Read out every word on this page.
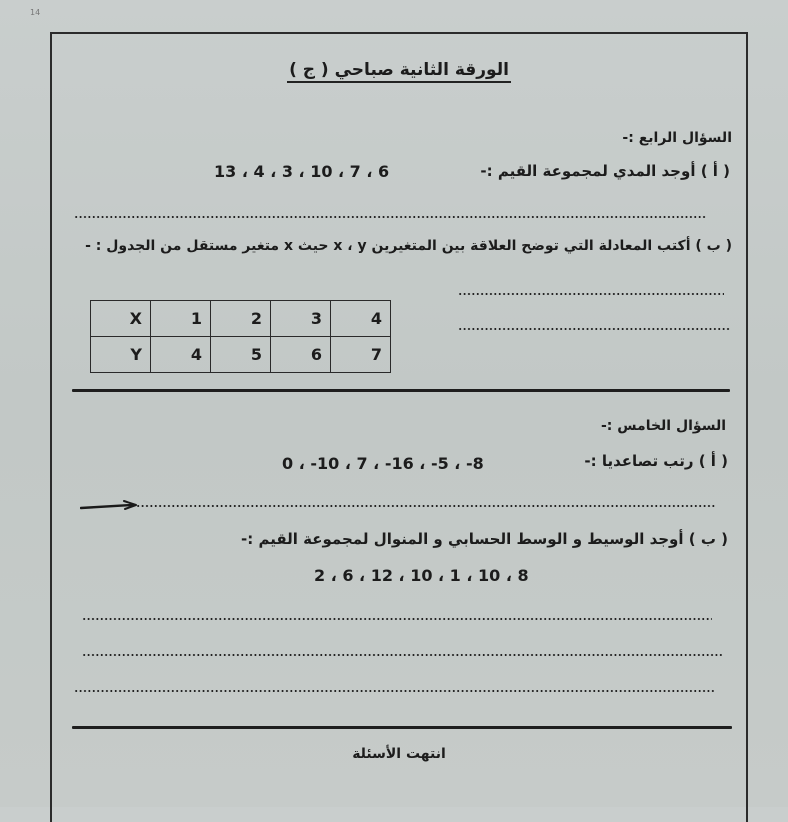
14
الورقة الثانية صباحي ( ج )
السؤال الرابع :-
( أ ) أوجد المدي لمجموعة القيم :-
13 ، 4 ، 3 ، 10 ، 7 ، 6
( ب ) أكتب المعادلة التي توضح العلاقة بين المتغيرين x ، y حيث x متغير مستقل من الجدول : -
X	1	2	3	4
Y	4	5	6	7
السؤال الخامس :-
( أ ) رتب تصاعديا :-
0 ، -10 ، 7 ، -16 ، -5 ، -8
( ب ) أوجد الوسيط و الوسط الحسابي و المنوال لمجموعة القيم :-
2 ، 6 ، 12 ، 10 ، 1 ، 10 ، 8
انتهت الأسئلة
